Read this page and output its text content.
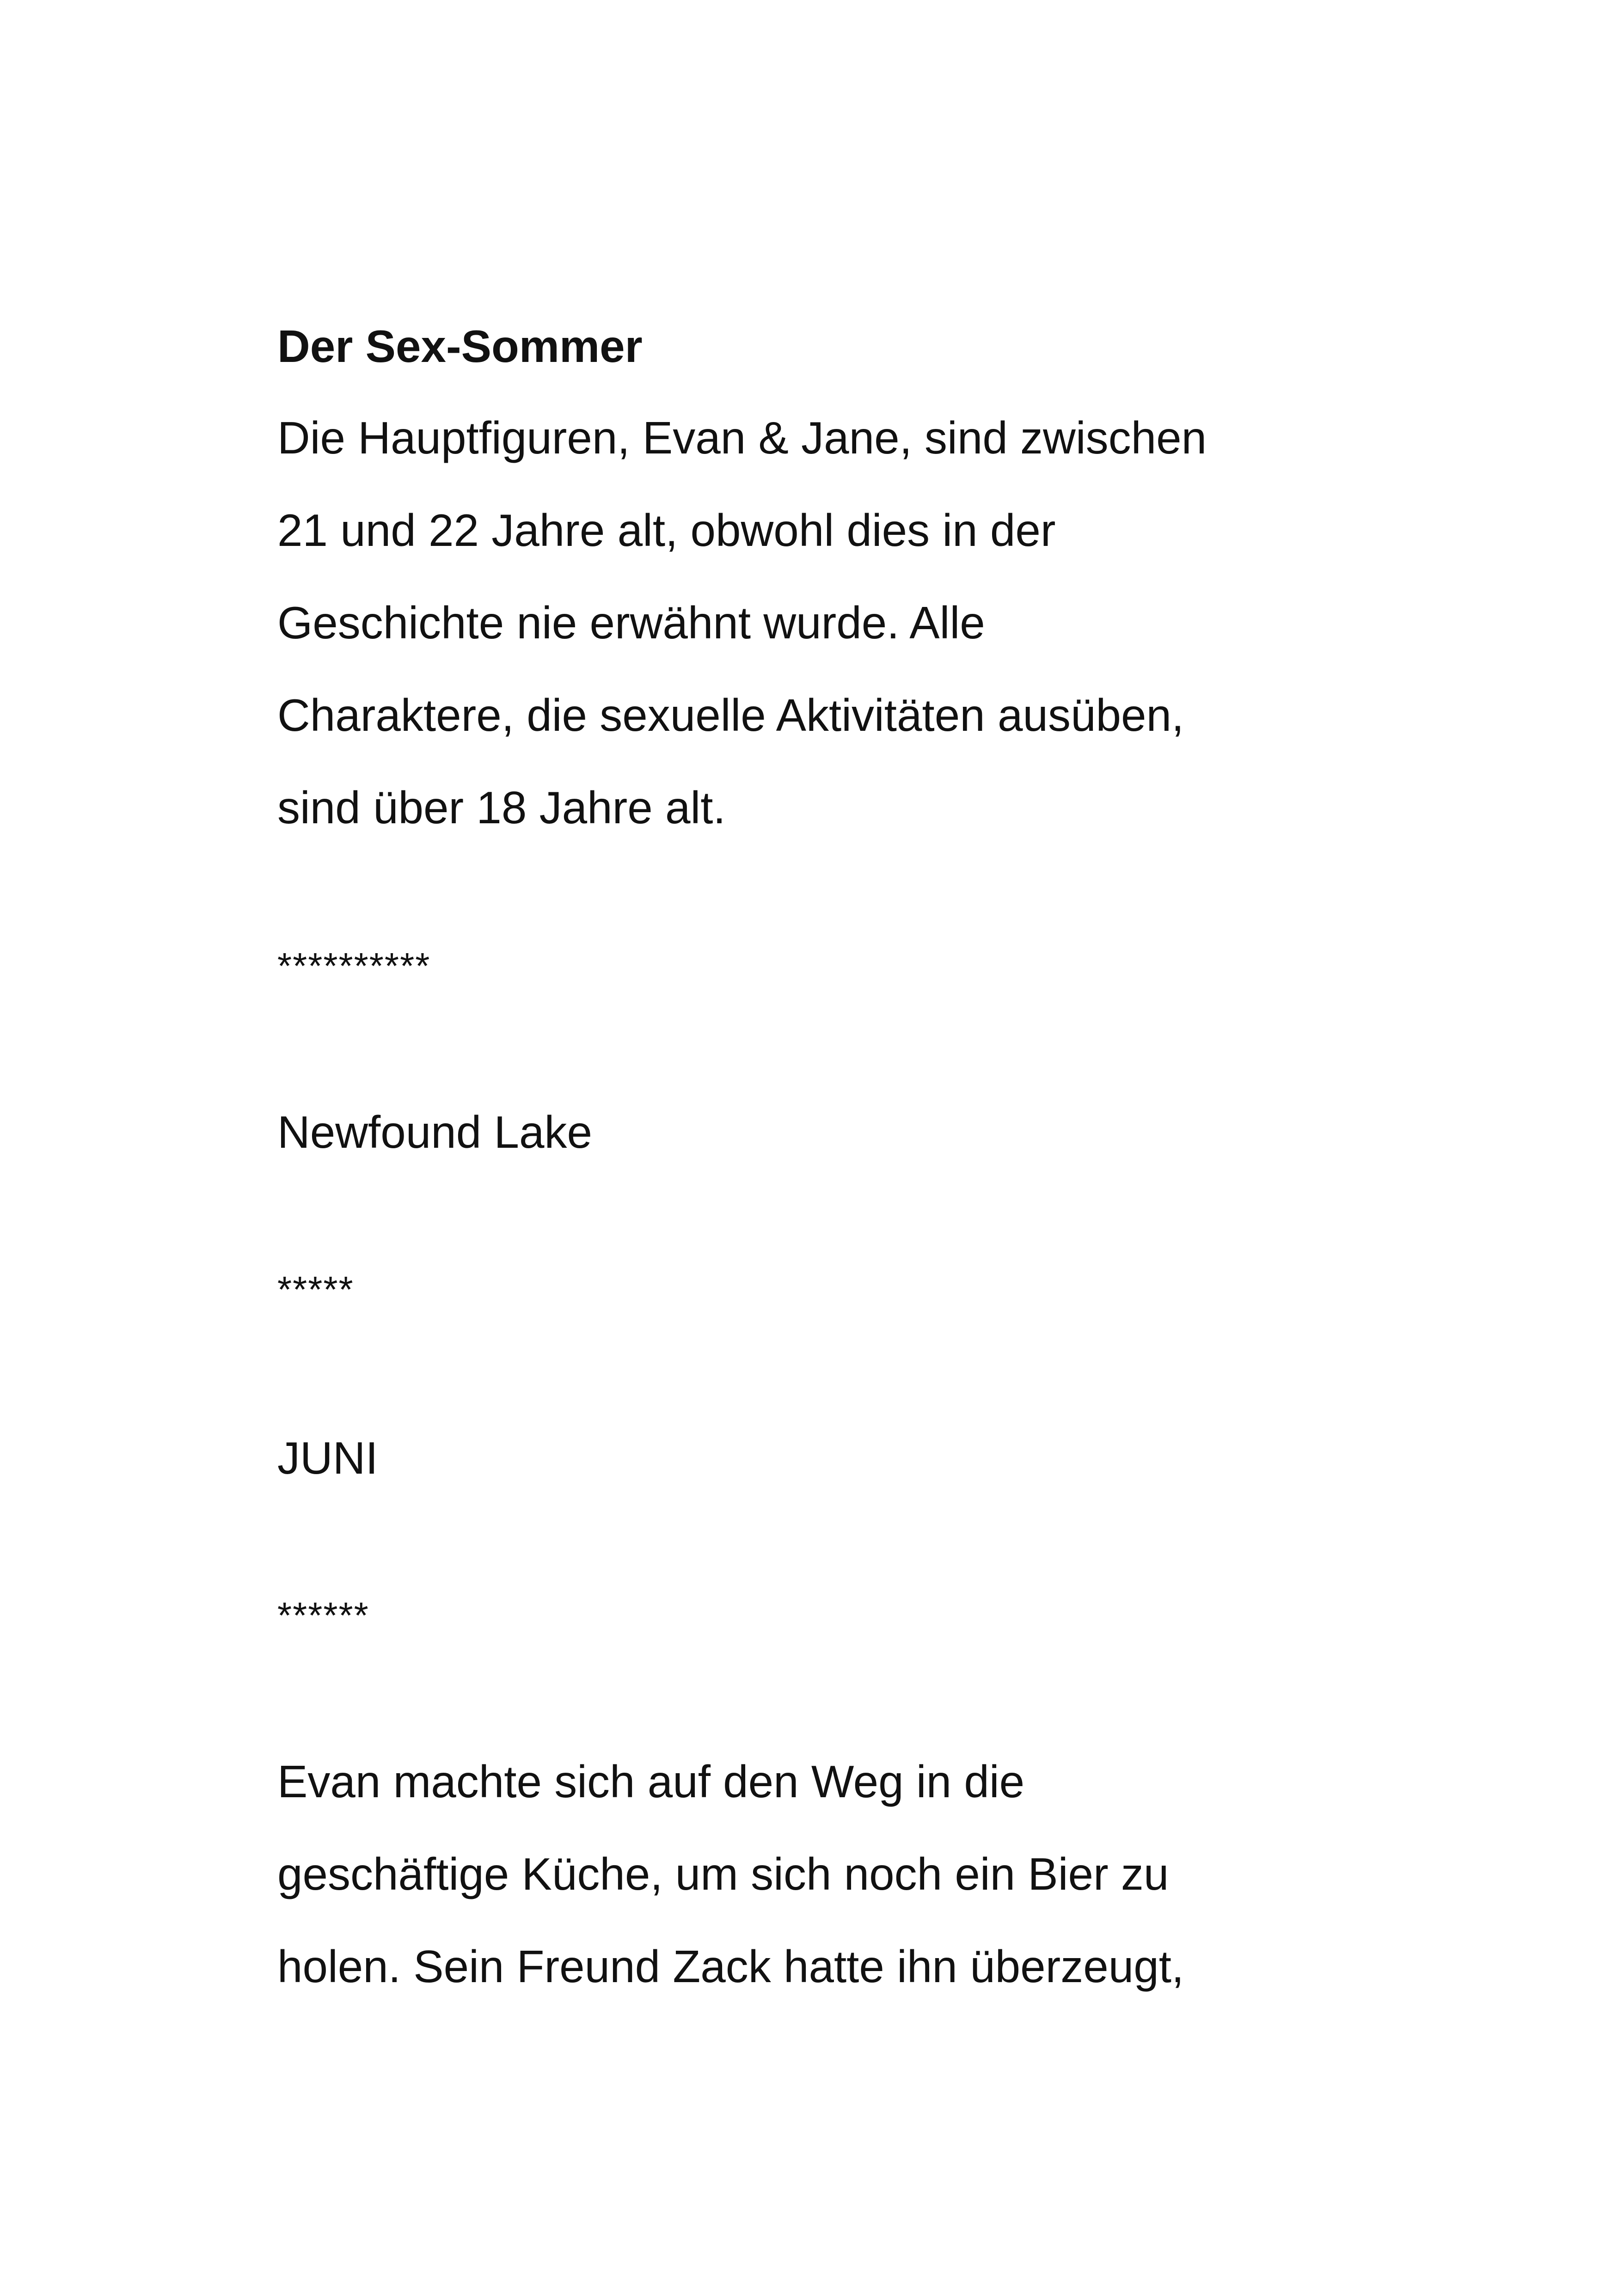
Der Sex-Sommer

Die Hauptfiguren, Evan & Jane, sind zwischen

21 und 22 Jahre alt, obwohl dies in der

Geschichte nie erwähnt wurde. Alle

Charaktere, die sexuelle Aktivitäten ausüben,

sind über 18 Jahre alt.

**********

Newfound Lake

*****

JUNI

******

Evan machte sich auf den Weg in die

geschäftige Küche, um sich noch ein Bier zu

holen. Sein Freund Zack hatte ihn überzeugt,
